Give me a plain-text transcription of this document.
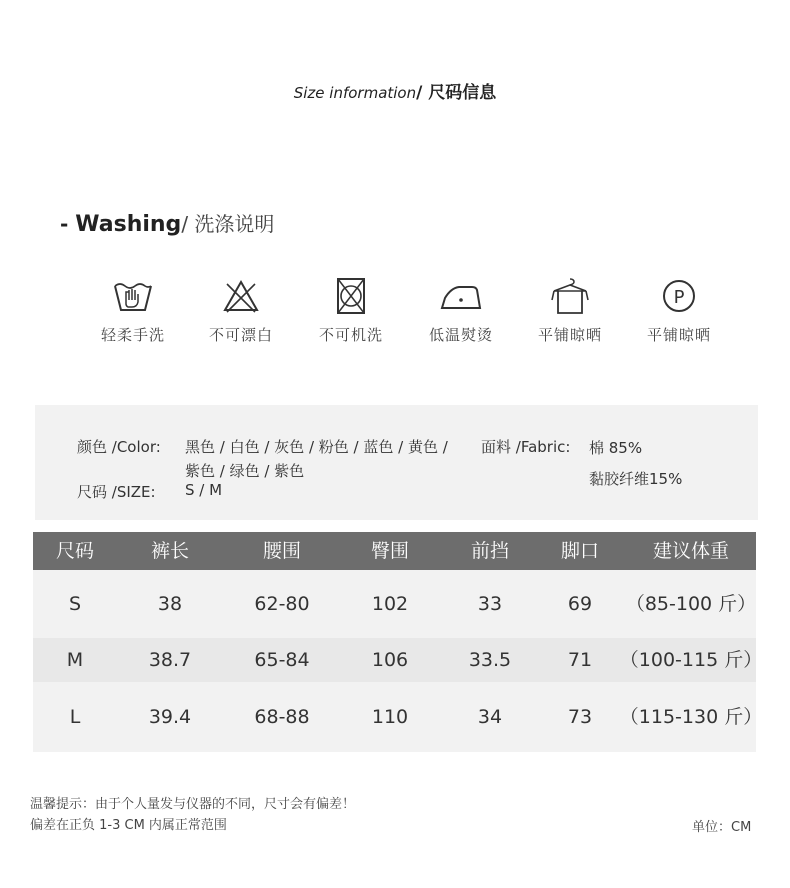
Size information/ 尺码信息
- Washing/ 洗涤说明
轻柔手洗	不可漂白	不可机洗	低温熨烫	平铺晾晒
P
平铺晾晒
颜色 /Color: 黑色 / 白色 / 灰色 / 粉色 / 蓝色 / 黄色 /
紫色 / 绿色 / 紫色
面料 /Fabric: 棉 85%
黏胶纤维15%
尺码 /SIZE: S / M
尺码	裤长	腰围	臀围	前挡	脚口	建议体重
S	38	62-80	102	33	69	（85-100 斤）
M	38.7	65-84	106	33.5	71	（100-115 斤）
L	39.4	68-88	110	34	73	（115-130 斤）
温馨提示：由于个人量发与仪器的不同，尺寸会有偏差！
偏差在正负 1-3 CM 内属正常范围	单位：CM
